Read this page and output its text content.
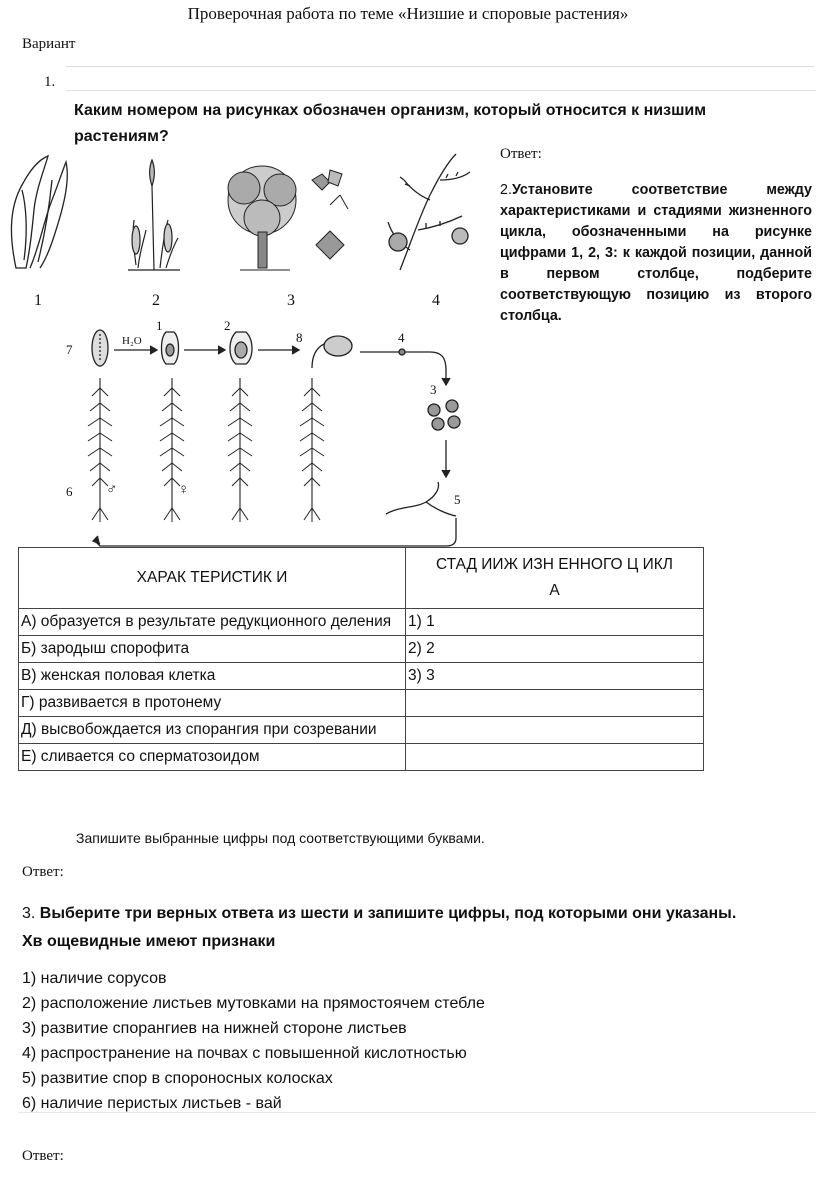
Проверочная работа по теме «Низшие и споровые растения»
Вариант
1.
Каким номером на рисунках обозначен организм, который относится к низшим растениям?
Ответ:
1	2	3	4
2.Установите соответствие между характеристиками и стадиями жизненного цикла, обозначенными на рисунке цифрами 1, 2, 3: к каждой позиции, данной в первом столбце, подберите соответствующую позицию из второго столбца.
7
1	2
8	4
3
5
6
H₂O
♂	♀
ХАРАК ТЕРИСТИК И	СТАД ИИЖ ИЗН ЕННОГО Ц ИКЛ А
А) образуется в результате редукционного деления	1) 1
Б) зародыш спорофита	2) 2
В) женская половая клетка	3) 3
Г) развивается в протонему	
Д) высвобождается из спорангия при созревании	
Е) сливается со сперматозоидом	
Запишите выбранные цифры под соответствующими буквами.
Ответ:
3. Выберите три верных ответа из шести и запишите цифры, под которыми они указаны.
Хв ощевидные имеют признаки
1) наличие сорусов
2) расположение листьев мутовками на прямостоячем стебле
3) развитие спорангиев на нижней стороне листьев
4) распространение на почвах с повышенной кислотностью
5) развитие спор в спороносных колосках
6) наличие перистых листьев - вай
Ответ:
